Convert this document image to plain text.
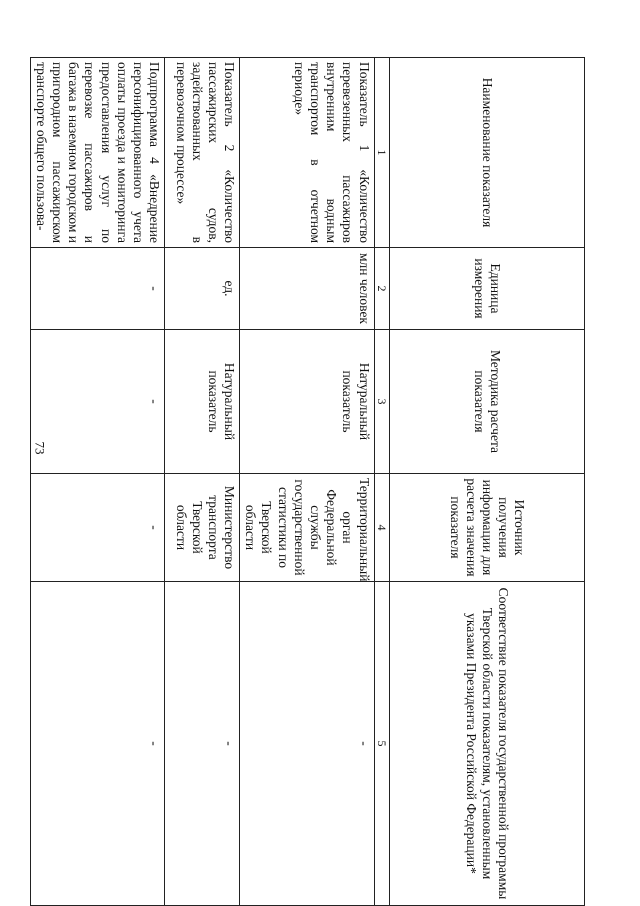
73
Наименование показателя	Единица измерения	Методика расчета показателя	Источник получения информации для расчета значения показателя	Соответствие показателя государственной программы Тверской области показателям, установленным указами Президента Российской Федерации*
1	2	3	4	5
Показатель 1 «Количество перевезенных пассажиров внутренним водным транспортом в отчетном периоде»	млн человек	Натуральный показатель	Территориальный орган Федеральной службы государственной статистики по Тверской области	-
Показатель 2 «Количество пассажирских судов, задействованных в перевозочном процессе»	ед.	Натуральный показатель	Министерство транспорта Тверской области	-
Подпрограмма 4 «Внедрение персонифицированного учета оплаты проезда и мониторинга предоставления услуг по перевозке пассажиров и багажа в наземном городском и пригородном пассажирском транспорте общего пользова-	-	-	-	-
